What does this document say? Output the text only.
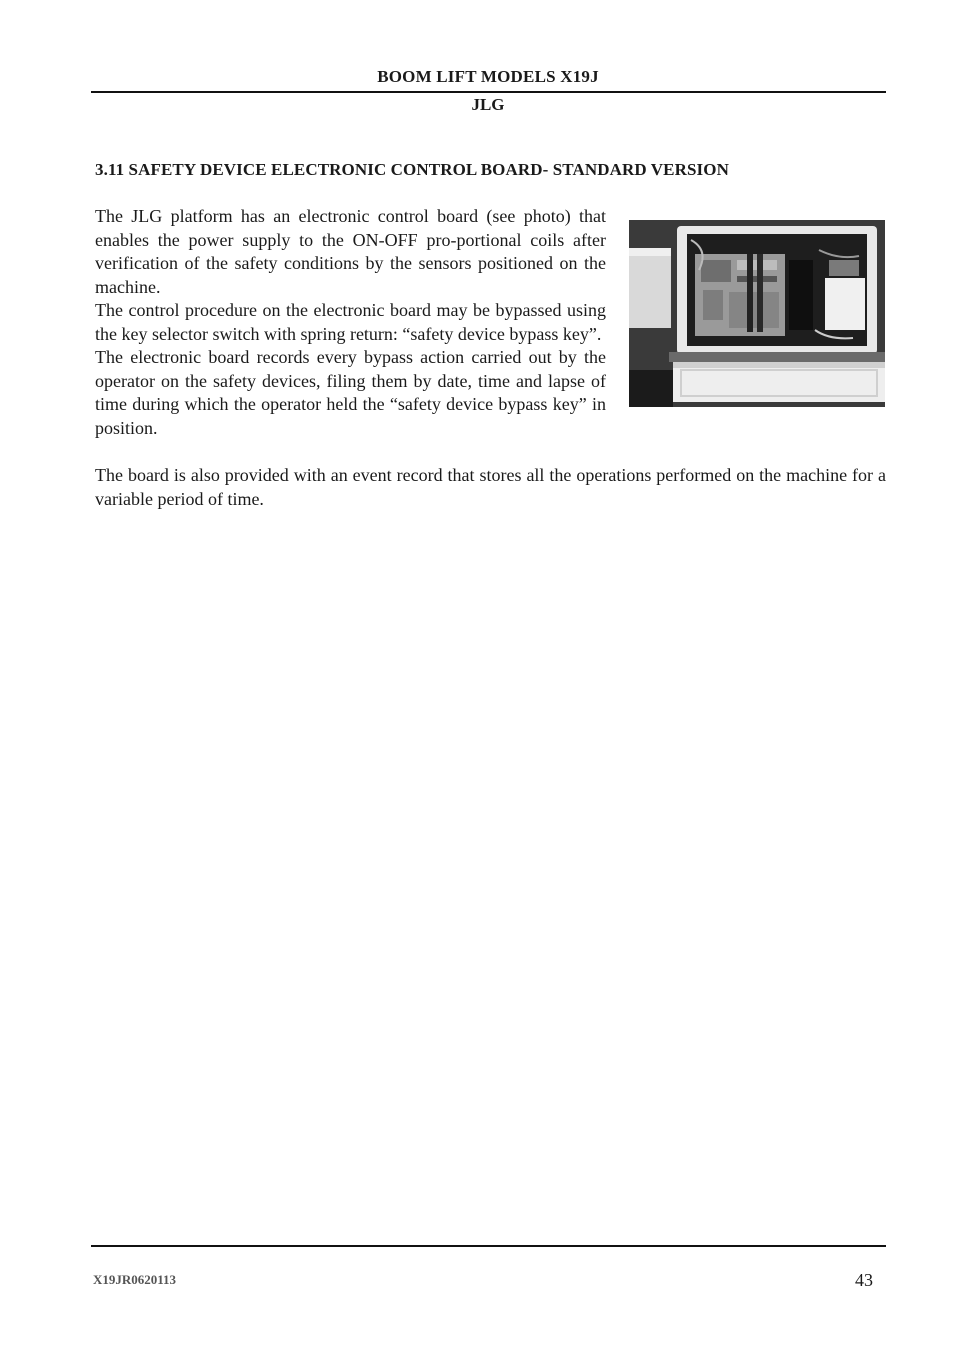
BOOM LIFT MODELS X19J
JLG
3.11 SAFETY DEVICE ELECTRONIC CONTROL BOARD- STANDARD VERSION

The JLG platform has an electronic control board (see photo) that enables the power supply to the ON-OFF pro-portional coils after verification of the safety conditions by the sensors positioned on the machine.

The control procedure on the electronic board may be bypassed using the key selector switch with spring return: “safety device bypass key”.

The electronic board records every bypass action carried out by the operator on the safety devices, filing them by date, time and lapse of time during which the operator held the “safety device bypass key” in position.

The board is also provided with an event record that stores all the operations performed on the machine for a variable period of time.

X19JR0620113	43
